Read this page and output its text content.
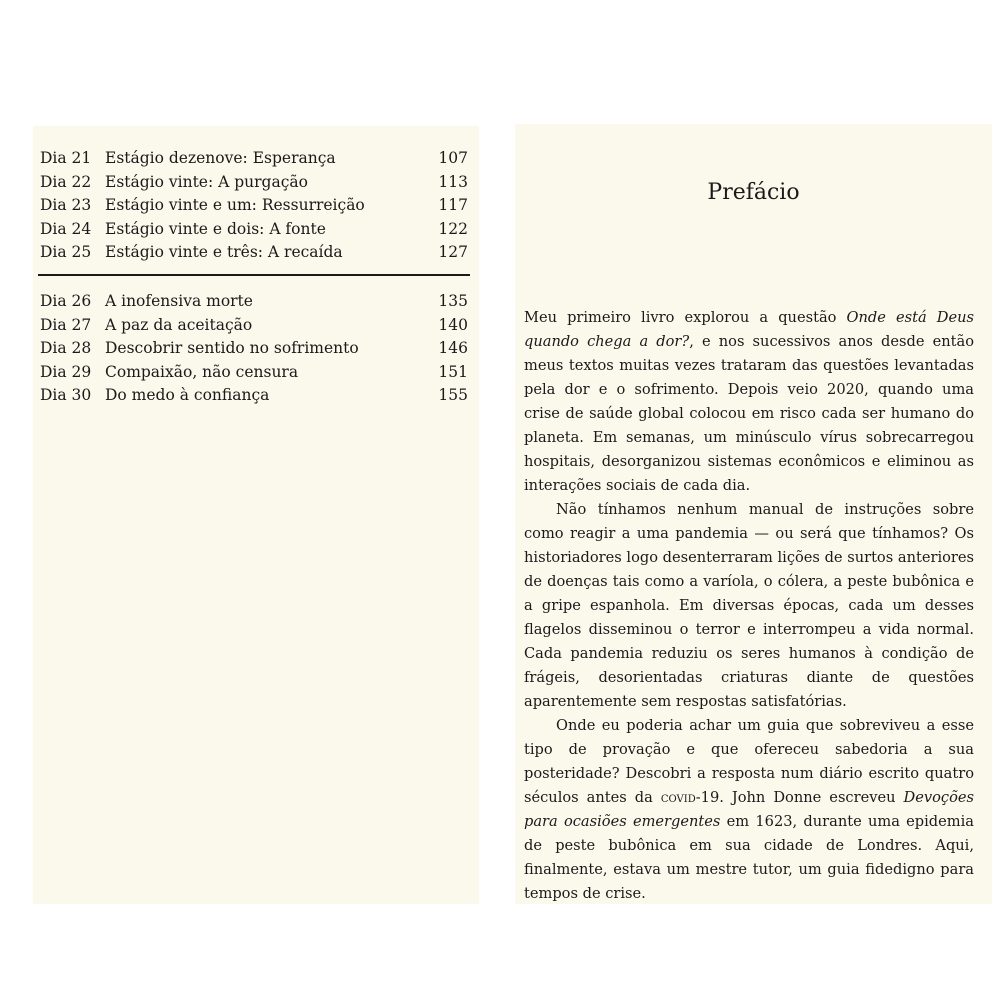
Dia 21 Estágio dezenove: Esperança	107
Dia 22 Estágio vinte: A purgação	113
Dia 23 Estágio vinte e um: Ressurreição	117
Dia 24 Estágio vinte e dois: A fonte	122
Dia 25 Estágio vinte e três: A recaída	127
Dia 26 A inofensiva morte	135
Dia 27 A paz da aceitação	140
Dia 28 Descobrir sentido no sofrimento	146
Dia 29 Compaixão, não censura	151
Dia 30 Do medo à confiança	155
Prefácio

Meu primeiro livro explorou a questão Onde está Deus quando chega a dor?, e nos sucessivos anos desde então meus textos muitas vezes trataram das questões levantadas pela dor e o sofrimento. Depois veio 2020, quando uma crise de saúde global colocou em risco cada ser humano do planeta. Em semanas, um minúsculo vírus sobrecarregou hospitais, desorganizou sistemas econômicos e eliminou as interações sociais de cada dia.

Não tínhamos nenhum manual de instruções sobre como reagir a uma pandemia — ou será que tínhamos? Os historiadores logo desenterraram lições de surtos anteriores de doenças tais como a varíola, o cólera, a peste bubônica e a gripe espanhola. Em diversas épocas, cada um desses flagelos disseminou o terror e interrompeu a vida normal. Cada pandemia reduziu os seres humanos à condição de frágeis, desorientadas criaturas diante de questões aparentemente sem respostas satisfatórias.

Onde eu poderia achar um guia que sobreviveu a esse tipo de provação e que ofereceu sabedoria a sua posteridade? Descobri a resposta num diário escrito quatro séculos antes da covid-19. John Donne escreveu Devoções para ocasiões emergentes em 1623, durante uma epidemia de peste bubônica em sua cidade de Londres. Aqui, finalmente, estava um mestre tutor, um guia fidedigno para tempos de crise.
